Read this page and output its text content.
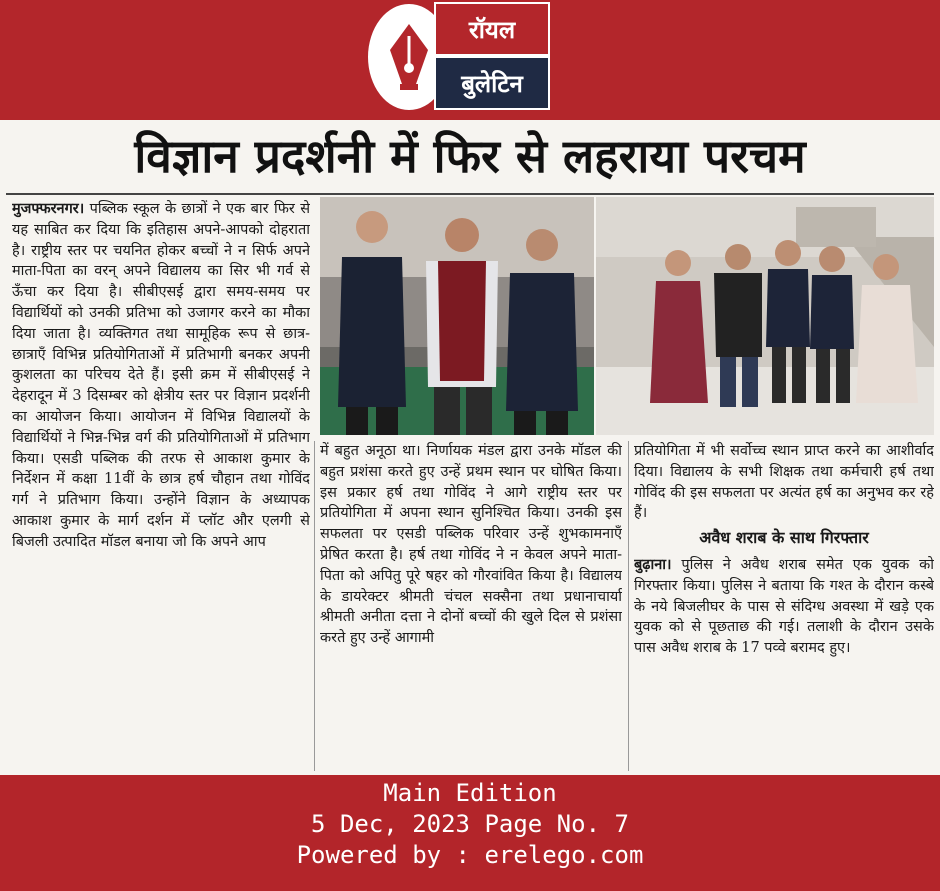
रॉयल
बुलेटिन
विज्ञान प्रदर्शनी में फिर से लहराया परचम
मुजफ्फरनगर। पब्लिक स्कूल के छात्रों ने एक बार फिर से यह साबित कर दिया कि इतिहास अपने-आपको दोहराता है। राष्ट्रीय स्तर पर चयनित होकर बच्चों ने न सिर्फ अपने माता-पिता का वरन् अपने विद्यालय का सिर भी गर्व से ऊँचा कर दिया है। सीबीएसई द्वारा समय-समय पर विद्यार्थियों को उनकी प्रतिभा को उजागर करने का मौका दिया जाता है। व्यक्तिगत तथा सामूहिक रूप से छात्र-छात्राएँ विभिन्न प्रतियोगिताओं में प्रतिभागी बनकर अपनी कुशलता का परिचय देते हैं। इसी क्रम में सीबीएसई ने देहरादून में 3 दिसम्बर को क्षेत्रीय स्तर पर विज्ञान प्रदर्शनी का आयोजन किया। आयोजन में विभिन्न विद्यालयों के विद्यार्थियों ने भिन्न-भिन्न वर्ग की प्रतियोगिताओं में प्रतिभाग किया। एसडी पब्लिक की तरफ से आकाश कुमार के निर्देशन में कक्षा 11वीं के छात्र हर्ष चौहान तथा गोविंद गर्ग ने प्रतिभाग किया। उन्होंने विज्ञान के अध्यापक आकाश कुमार के मार्ग दर्शन में प्लॉट और एलगी से बिजली उत्पादित मॉडल बनाया जो कि अपने आप
में बहुत अनूठा था। निर्णायक मंडल द्वारा उनके मॉडल की बहुत प्रशंसा करते हुए उन्हें प्रथम स्थान पर घोषित किया। इस प्रकार हर्ष तथा गोविंद ने आगे राष्ट्रीय स्तर पर प्रतियोगिता में अपना स्थान सुनिश्चित किया। उनकी इस सफलता पर एसडी पब्लिक परिवार उन्हें शुभकामनाएँ प्रेषित करता है। हर्ष तथा गोविंद ने न केवल अपने माता-पिता को अपितु पूरे षहर को गौरवांवित किया है। विद्यालय के डायरेक्टर श्रीमती चंचल सक्सैना तथा प्रधानाचार्या श्रीमती अनीता दत्ता ने दोनों बच्चों की खुले दिल से प्रशंसा करते हुए उन्हें आगामी
प्रतियोगिता में भी सर्वोच्च स्थान प्राप्त करने का आशीर्वाद दिया। विद्यालय के सभी शिक्षक तथा कर्मचारी हर्ष तथा गोविंद की इस सफलता पर अत्यंत हर्ष का अनुभव कर रहे हैं।
अवैध शराब के साथ गिरफ्तार
बुढ़ाना। पुलिस ने अवैध शराब समेत एक युवक को गिरफ्तार किया। पुलिस ने बताया कि गश्त के दौरान कस्बे के नये बिजलीघर के पास से संदिग्ध अवस्था में खड़े एक युवक को से पूछताछ की गई। तलाशी के दौरान उसके पास अवैध शराब के 17 पव्वे बरामद हुए।
Main Edition
5 Dec, 2023 Page No. 7
Powered by : erelego.com
